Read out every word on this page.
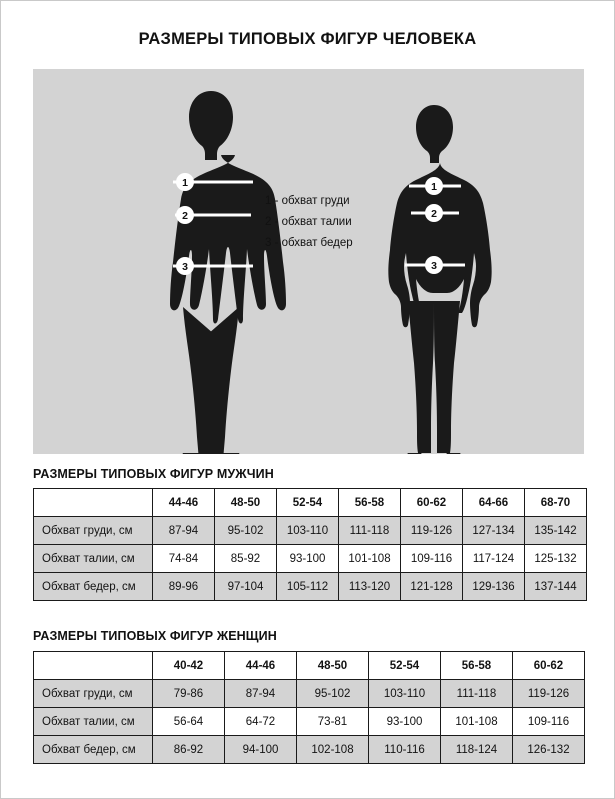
РАЗМЕРЫ ТИПОВЫХ ФИГУР ЧЕЛОВЕКА
1
2
3
1
2
3
1 - обхват груди
2 - обхват талии
3 - обхват бедер
РАЗМЕРЫ ТИПОВЫХ ФИГУР МУЖЧИН
	44-46	48-50	52-54	56-58	60-62	64-66	68-70
Обхват груди, см	87-94	95-102	103-110	111-118	119-126	127-134	135-142
Обхват талии, см	74-84	85-92	93-100	101-108	109-116	117-124	125-132
Обхват бедер, см	89-96	97-104	105-112	113-120	121-128	129-136	137-144
РАЗМЕРЫ ТИПОВЫХ ФИГУР ЖЕНЩИН
	40-42	44-46	48-50	52-54	56-58	60-62
Обхват груди, см	79-86	87-94	95-102	103-110	111-118	119-126
Обхват талии, см	56-64	64-72	73-81	93-100	101-108	109-116
Обхват бедер, см	86-92	94-100	102-108	110-116	118-124	126-132
